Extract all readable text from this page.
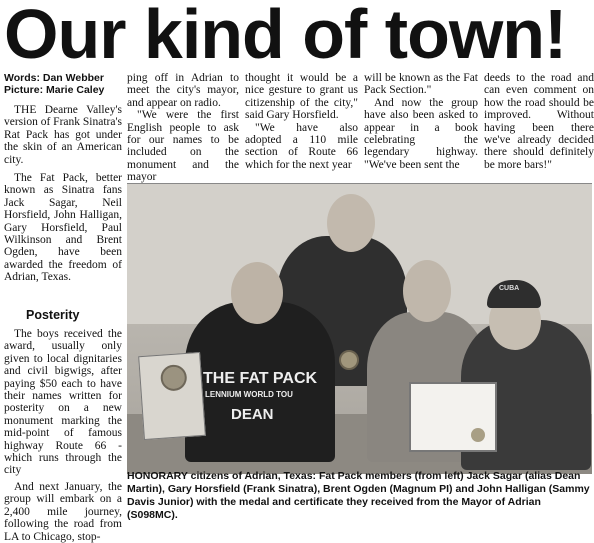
Our kind of town!
Words: Dan Webber
Picture: Marie Caley

THE Dearne Valley's version of Frank Sinatra's Rat Pack has got under the skin of an American city.

The Fat Pack, better known as Sinatra fans Jack Sagar, Neil Horsfield, John Halligan, Gary Horsfield, Paul Wilkinson and Brent Ogden, have been awarded the freedom of Adrian, Texas.

Posterity

The boys received the award, usually only given to local dignitaries and civil bigwigs, after paying $50 each to have their names written for posterity on a new monument marking the mid-point of famous highway Route 66 - which runs through the city

And next January, the group will embark on a 2,400 mile journey, following the road from LA to Chicago, stop-

ping off in Adrian to meet the city's mayor, and appear on radio.

"We were the first English people to ask for our names to be included on the monument and the mayor

thought it would be a nice gesture to grant us citizenship of the city," said Gary Horsfield.

"We have also adopted a 110 mile section of Route 66 which for the next year

will be known as the Fat Pack Section."

And now the group have also been asked to appear in a book celebrating the legendary highway. "We've been sent the

deeds to the road and can even comment on how the road should be improved. Without having been there we've already decided there should definitely be more bars!"

THE FAT PACK
LENNIUM WORLD TOU
DEAN
CUBA
HONORARY citizens of Adrian, Texas: Fat Pack members (from left) Jack Sagar (alias Dean Martin), Gary Horsfield (Frank Sinatra), Brent Ogden (Magnum PI) and John Halligan (Sammy Davis Junior) with the medal and certificate they received from the Mayor of Adrian (S098MC).
